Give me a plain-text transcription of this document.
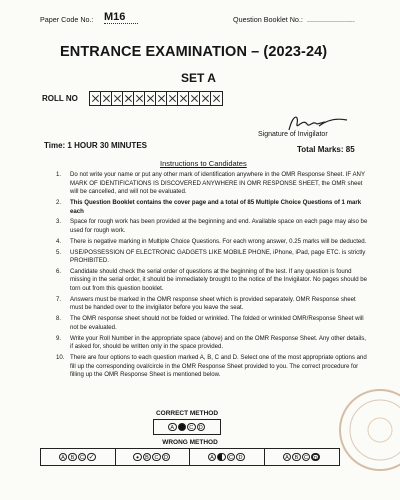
Paper Code No.: M16	Question Booklet No.: ........................
ENTRANCE EXAMINATION – (2023-24)
SET A
ROLL NO
Signature of Invigilator
Time: 1 HOUR 30 MINUTES	Total Marks: 85
Instructions to Candidates
1. Do not write your name or put any other mark of identification anywhere in the OMR Response Sheet. IF ANY MARK OF IDENTIFICATIONS IS DISCOVERED ANYWHERE IN OMR RESPONSE SHEET, the OMR sheet will be cancelled, and will not be evaluated.
2. This Question Booklet contains the cover page and a total of 85 Multiple Choice Questions of 1 mark each
3. Space for rough work has been provided at the beginning and end. Available space on each page may also be used for rough work.
4. There is negative marking in Multiple Choice Questions. For each wrong answer, 0.25 marks will be deducted.
5. USE/POSSESSION OF ELECTRONIC GADGETS LIKE MOBILE PHONE, iPhone, iPad, page ETC. is strictly PROHIBITED.
6. Candidate should check the serial order of questions at the beginning of the test. If any question is found missing in the serial order, it should be immediately brought to the notice of the Invigilator. No pages should be torn out from this question booklet.
7. Answers must be marked in the OMR response sheet which is provided separately. OMR Response sheet must be handed over to the invigilator before you leave the seat.
8. The OMR response sheet should not be folded or wrinkled. The folded or wrinkled OMR/Response Sheet will not be evaluated.
9. Write your Roll Number in the appropriate space (above) and on the OMR Response Sheet. Any other details, if asked for, should be written only in the space provided.
10. There are four options to each question marked A, B, C and D. Select one of the most appropriate options and fill up the corresponding oval/circle in the OMR Response Sheet provided to you. The correct procedure for filling up the OMR Response Sheet is mentioned below.
CORRECT METHOD
A	C	D
WRONG METHOD
A	B	C ✓	•	B	C	D	A	C	D	A	B	C	D
